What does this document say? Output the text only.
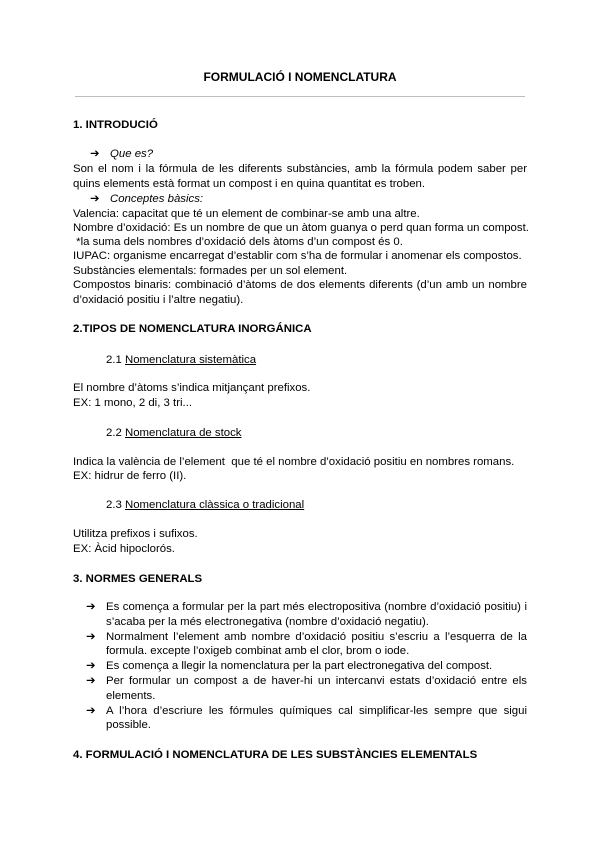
FORMULACIÓ I NOMENCLATURA
1. INTRODUCIÓ
➔ Que es?
Son el nom i la fórmula de les diferents substàncies, amb la fórmula podem saber per quins elements està format un compost i en quina quantitat es troben.
➔ Conceptes bàsics:
Valencia: capacitat que té un element de combinar-se amb una altre.
Nombre d’oxidació: Es un nombre de que un àtom guanya o perd quan forma un compost.
*la suma dels nombres d’oxidació dels àtoms d’un compost és 0.
IUPAC: organisme encarregat d’establir com s’ha de formular i anomenar els compostos.
Substàncies elementals: formades per un sol element.
Compostos binaris: combinació d’àtoms de dos elements diferents (d’un amb un nombre d’oxidació positiu i l’altre negatiu).
2.TIPOS DE NOMENCLATURA INORGÁNICA
2.1 Nomenclatura sistemàtica
El nombre d’àtoms s’indica mitjançant prefixos.
EX: 1 mono, 2 di, 3 tri...
2.2 Nomenclatura de stock
Indica la valència de l’element  que té el nombre d’oxidació positiu en nombres romans.
EX: hidrur de ferro (II).
2.3 Nomenclatura clàssica o tradicional
Utilitza prefixos i sufixos.
EX: Àcid hipoclorós.
3. NORMES GENERALS
➔ Es comença a formular per la part més electropositiva (nombre d’oxidació positiu) i s’acaba per la més electronegativa (nombre d’oxidació negatiu).
➔ Normalment l’element amb nombre d’oxidació positiu s’escriu a l’esquerra de la formula. excepte l’oxigeb combinat amb el clor, brom o iode.
➔ Es comença a llegir la nomenclatura per la part electronegativa del compost.
➔ Per formular un compost a de haver-hi un intercanvi estats d’oxidació entre els elements.
➔ A l’hora d’escriure les fórmules químiques cal simplificar-les sempre que sigui possible.
4. FORMULACIÓ I NOMENCLATURA DE LES SUBSTÀNCIES ELEMENTALS
